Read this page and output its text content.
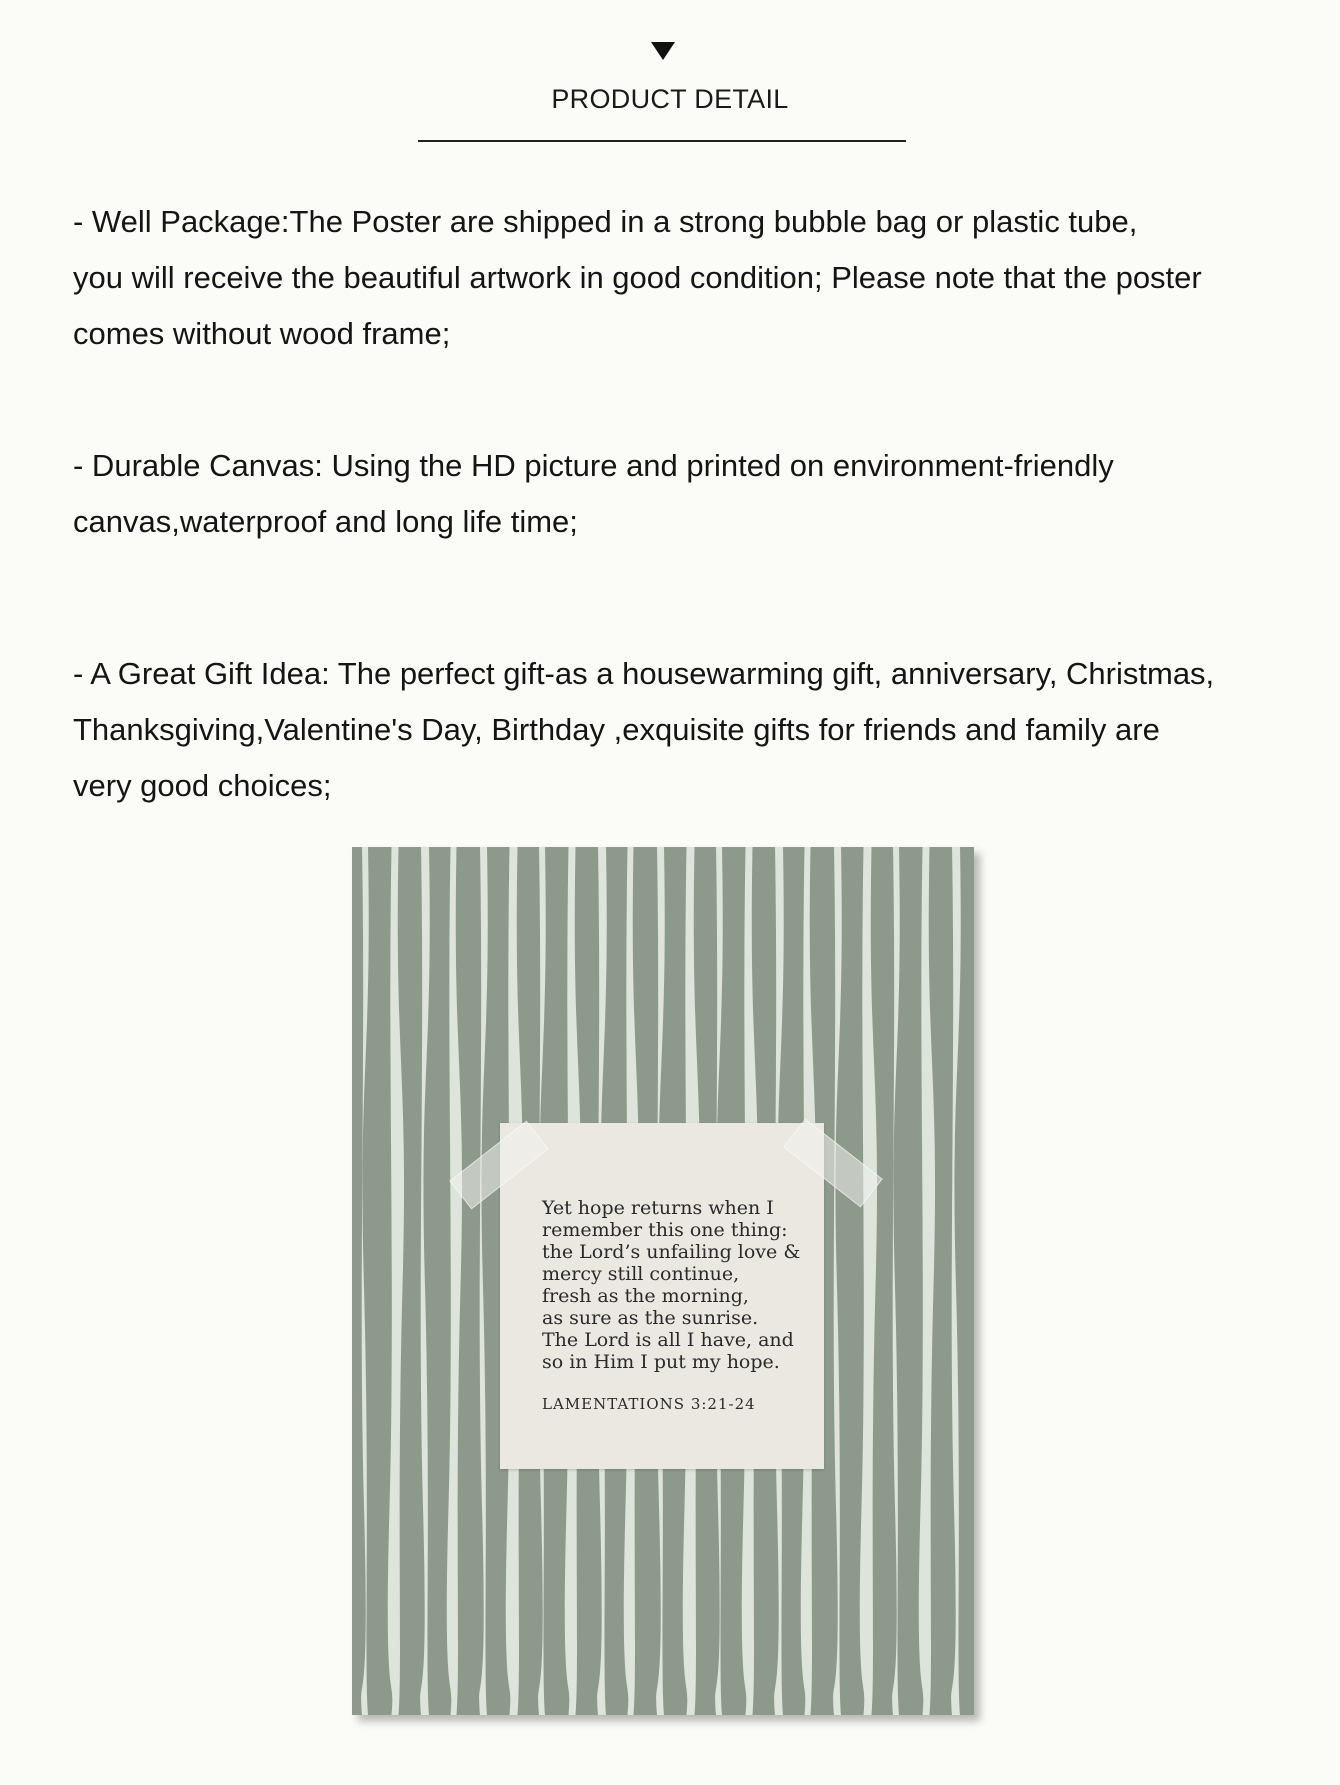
PRODUCT DETAIL
- Well Package:The Poster are shipped in a strong bubble bag or plastic tube,
you will receive the beautiful artwork in good condition; Please note that the poster
comes without wood frame;
- Durable Canvas: Using the HD picture and printed on environment-friendly
canvas,waterproof and long life time;
- A Great Gift Idea: The perfect gift-as a housewarming gift, anniversary, Christmas,
Thanksgiving,Valentine's Day, Birthday ,exquisite gifts for friends and family are
very good choices;
Yet hope returns when I
remember this one thing:
the Lord’s unfailing love &
mercy still continue,
fresh as the morning,
as sure as the sunrise.
The Lord is all I have, and
so in Him I put my hope.
LAMENTATIONS 3:21-24
